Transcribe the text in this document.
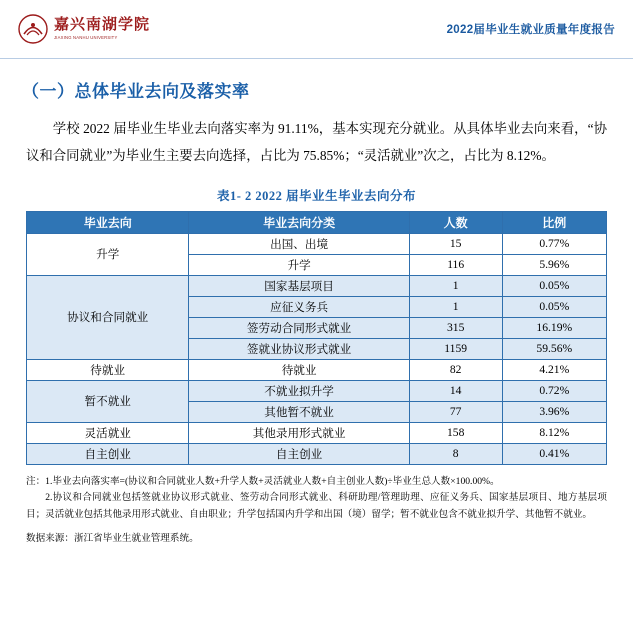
嘉兴南湖学院
JIAXING NANHU UNIVERSITY
2022届毕业生就业质量年度报告
（一）总体毕业去向及落实率

学校 2022 届毕业生毕业去向落实率为 91.11%，基本实现充分就业。从具体毕业去向来看，“协议和合同就业”为毕业生主要去向选择，占比为 75.85%；“灵活就业”次之，占比为 8.12%。

表1- 2 2022 届毕业生毕业去向分布
毕业去向	毕业去向分类	人数	比例
升学	出国、出境	15	0.77%
	升学	116	5.96%
协议和合同就业	国家基层项目	1	0.05%
	应征义务兵	1	0.05%
	签劳动合同形式就业	315	16.19%
	签就业协议形式就业	1159	59.56%
待就业	待就业	82	4.21%
暂不就业	不就业拟升学	14	0.72%
	其他暂不就业	77	3.96%
灵活就业	其他录用形式就业	158	8.12%
自主创业	自主创业	8	0.41%
注：1.毕业去向落实率=(协议和合同就业人数+升学人数+灵活就业人数+自主创业人数)÷毕业生总人数×100.00%。
2.协议和合同就业包括签就业协议形式就业、签劳动合同形式就业、科研助理/管理助理、应征义务兵、国家基层项目、地方基层项目；灵活就业包括其他录用形式就业、自由职业；升学包括国内升学和出国（境）留学；暂不就业包含不就业拟升学、其他暂不就业。
数据来源：浙江省毕业生就业管理系统。
